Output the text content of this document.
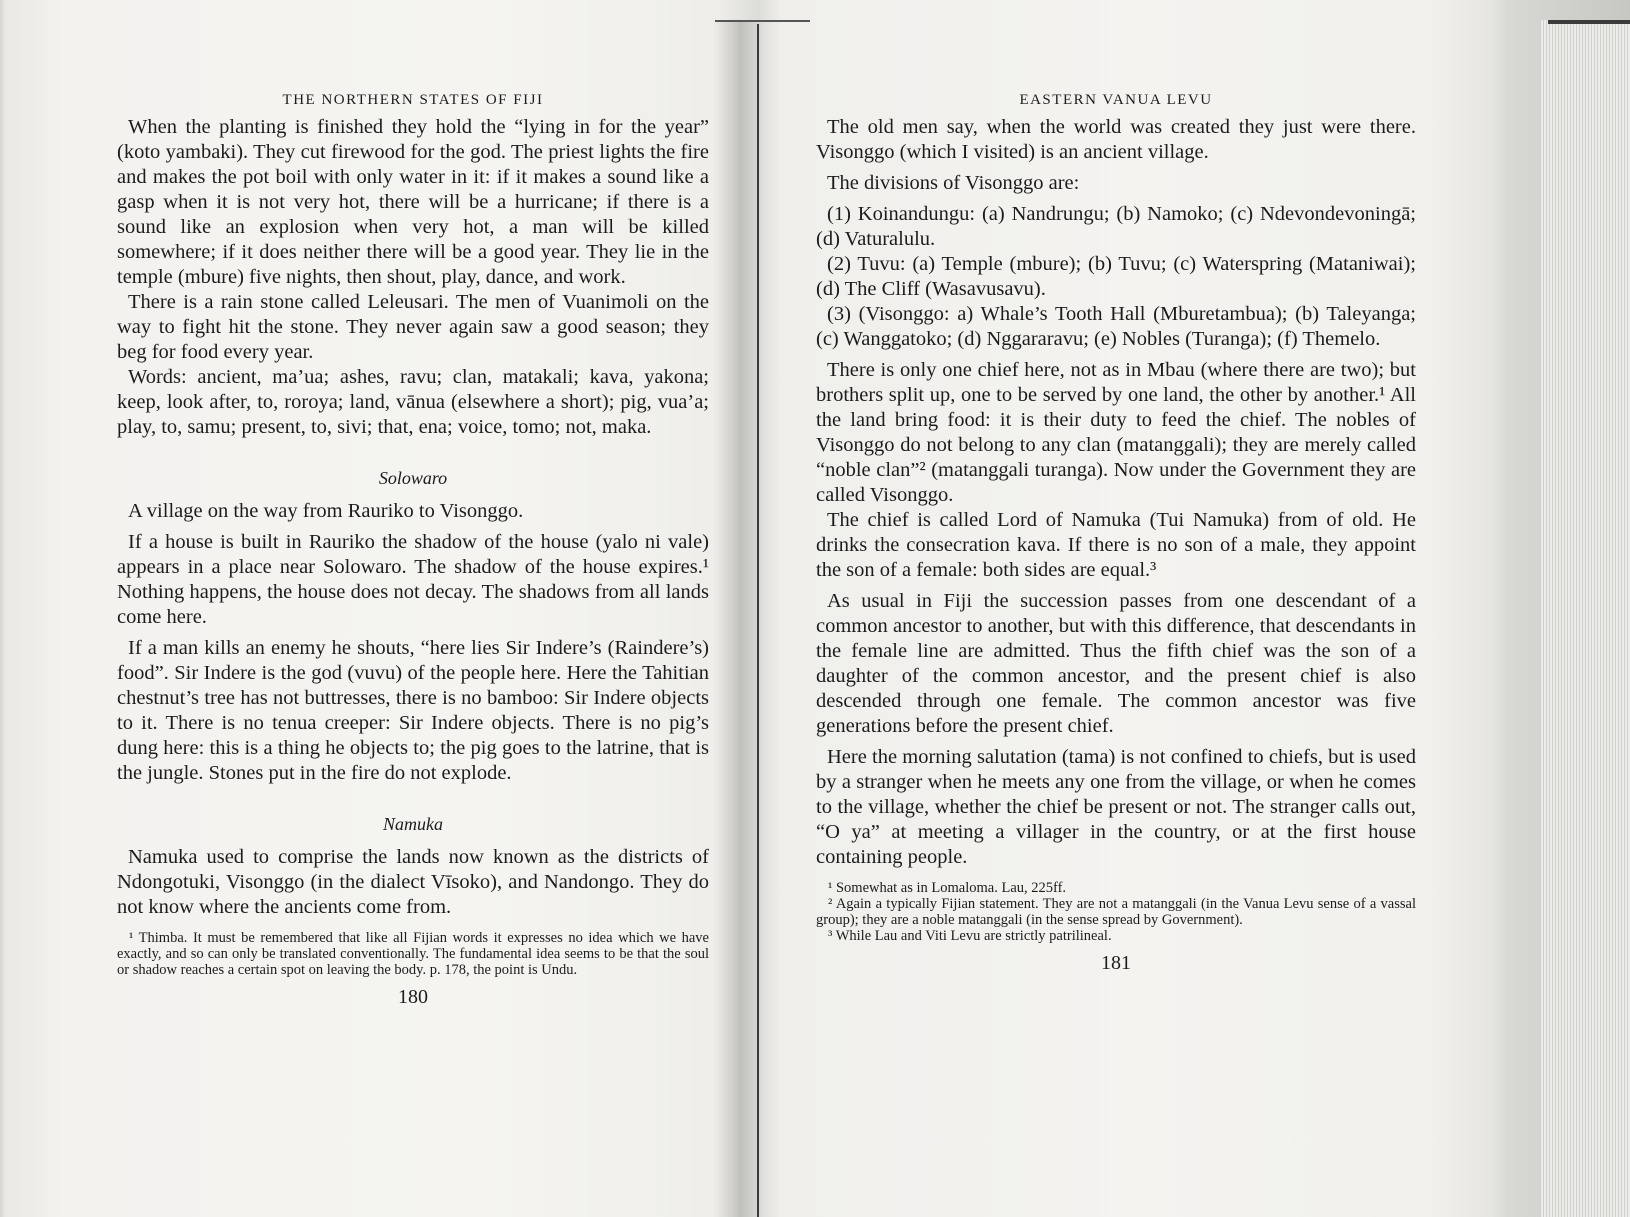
THE NORTHERN STATES OF FIJI

When the planting is finished they hold the “lying in for the year” (koto yambaki). They cut firewood for the god. The priest lights the fire and makes the pot boil with only water in it: if it makes a sound like a gasp when it is not very hot, there will be a hurricane; if there is a sound like an explosion when very hot, a man will be killed somewhere; if it does neither there will be a good year. They lie in the temple (mbure) five nights, then shout, play, dance, and work.

There is a rain stone called Leleusari. The men of Vuanimoli on the way to fight hit the stone. They never again saw a good season; they beg for food every year.

Words: ancient, ma’ua; ashes, ravu; clan, matakali; kava, yakona; keep, look after, to, roroya; land, vānua (elsewhere a short); pig, vua’a; play, to, samu; present, to, sivi; that, ena; voice, tomo; not, maka.

Solowaro

A village on the way from Rauriko to Visonggo.

If a house is built in Rauriko the shadow of the house (yalo ni vale) appears in a place near Solowaro. The shadow of the house expires.¹ Nothing happens, the house does not decay. The shadows from all lands come here.

If a man kills an enemy he shouts, “here lies Sir Indere’s (Raindere’s) food”. Sir Indere is the god (vuvu) of the people here. Here the Tahitian chestnut’s tree has not buttresses, there is no bamboo: Sir Indere objects to it. There is no tenua creeper: Sir Indere objects. There is no pig’s dung here: this is a thing he objects to; the pig goes to the latrine, that is the jungle. Stones put in the fire do not explode.

Namuka

Namuka used to comprise the lands now known as the districts of Ndongotuki, Visonggo (in the dialect Vīsoko), and Nandongo. They do not know where the ancients come from.

¹ Thimba. It must be remembered that like all Fijian words it expresses no idea which we have exactly, and so can only be translated conventionally. The fundamental idea seems to be that the soul or shadow reaches a certain spot on leaving the body. p. 178, the point is Undu.

180
EASTERN VANUA LEVU

The old men say, when the world was created they just were there. Visonggo (which I visited) is an ancient village.

The divisions of Visonggo are:

(1) Koinandungu: (a) Nandrungu; (b) Namoko; (c) Ndevondevoningā; (d) Vaturalulu.

(2) Tuvu: (a) Temple (mbure); (b) Tuvu; (c) Waterspring (Mataniwai); (d) The Cliff (Wasavusavu).

(3) (Visonggo: a) Whale’s Tooth Hall (Mburetambua); (b) Taleyanga; (c) Wanggatoko; (d) Nggararavu; (e) Nobles (Turanga); (f) Themelo.

There is only one chief here, not as in Mbau (where there are two); but brothers split up, one to be served by one land, the other by another.¹ All the land bring food: it is their duty to feed the chief. The nobles of Visonggo do not belong to any clan (matanggali); they are merely called “noble clan”² (matanggali turanga). Now under the Government they are called Visonggo.

The chief is called Lord of Namuka (Tui Namuka) from of old. He drinks the consecration kava. If there is no son of a male, they appoint the son of a female: both sides are equal.³

As usual in Fiji the succession passes from one descendant of a common ancestor to another, but with this difference, that descendants in the female line are admitted. Thus the fifth chief was the son of a daughter of the common ancestor, and the present chief is also descended through one female. The common ancestor was five generations before the present chief.

Here the morning salutation (tama) is not confined to chiefs, but is used by a stranger when he meets any one from the village, or when he comes to the village, whether the chief be present or not. The stranger calls out, “O ya” at meeting a villager in the country, or at the first house containing people.

¹ Somewhat as in Lomaloma. Lau, 225ff.

² Again a typically Fijian statement. They are not a matanggali (in the Vanua Levu sense of a vassal group); they are a noble matanggali (in the sense spread by Government).

³ While Lau and Viti Levu are strictly patrilineal.

181
